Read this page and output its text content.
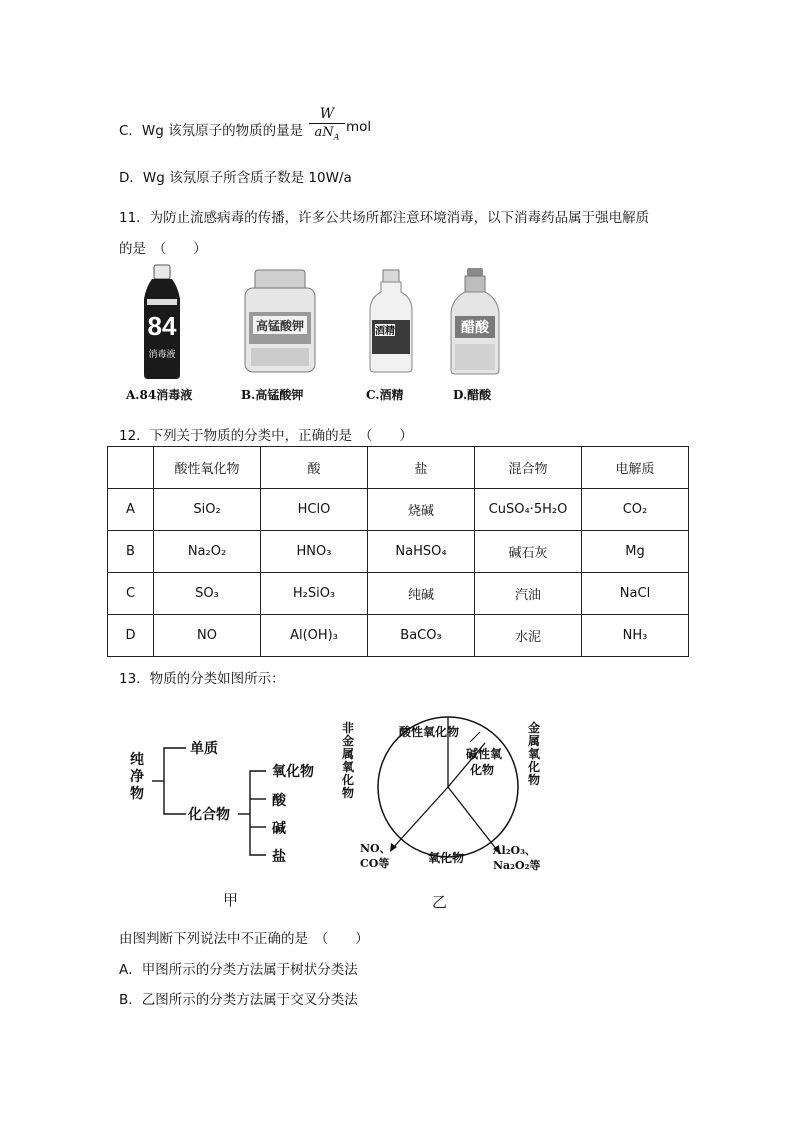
C．Wg 该氖原子的物质的量是
W
$aN_A$
mol
D．Wg 该氖原子所含质子数是 10W/a
11．为防止流感病毒的传播，许多公共场所都注意环境消毒，以下消毒药品属于强电解质
的是　（　　）
84
消毒液
高锰酸钾	酒精	醋酸
A.84消毒液	B.高锰酸钾	C.酒精	D.醋酸
12．下列关于物质的分类中，正确的是　（　　）
	酸性氧化物	酸	盐	混合物	电解质
A	SiO₂	HClO	烧碱	CuSO₄·5H₂O	CO₂
B	Na₂O₂	HNO₃	NaHSO₄	碱石灰	Mg
C	SO₃	H₂SiO₃	纯碱	汽油	NaCl
D	NO	Al(OH)₃	BaCO₃	水泥	NH₃
13．物质的分类如图所示：
纯净物
单质
化合物
氧化物
酸
碱
盐
甲
酸性氧化物
碱性氧
化物
非金属氧化物
金属氧化物
氧化物
NO、
CO等
Al₂O₃、
Na₂O₂等
乙
由图判断下列说法中不正确的是　（　　）
A．甲图所示的分类方法属于树状分类法
B．乙图所示的分类方法属于交叉分类法
